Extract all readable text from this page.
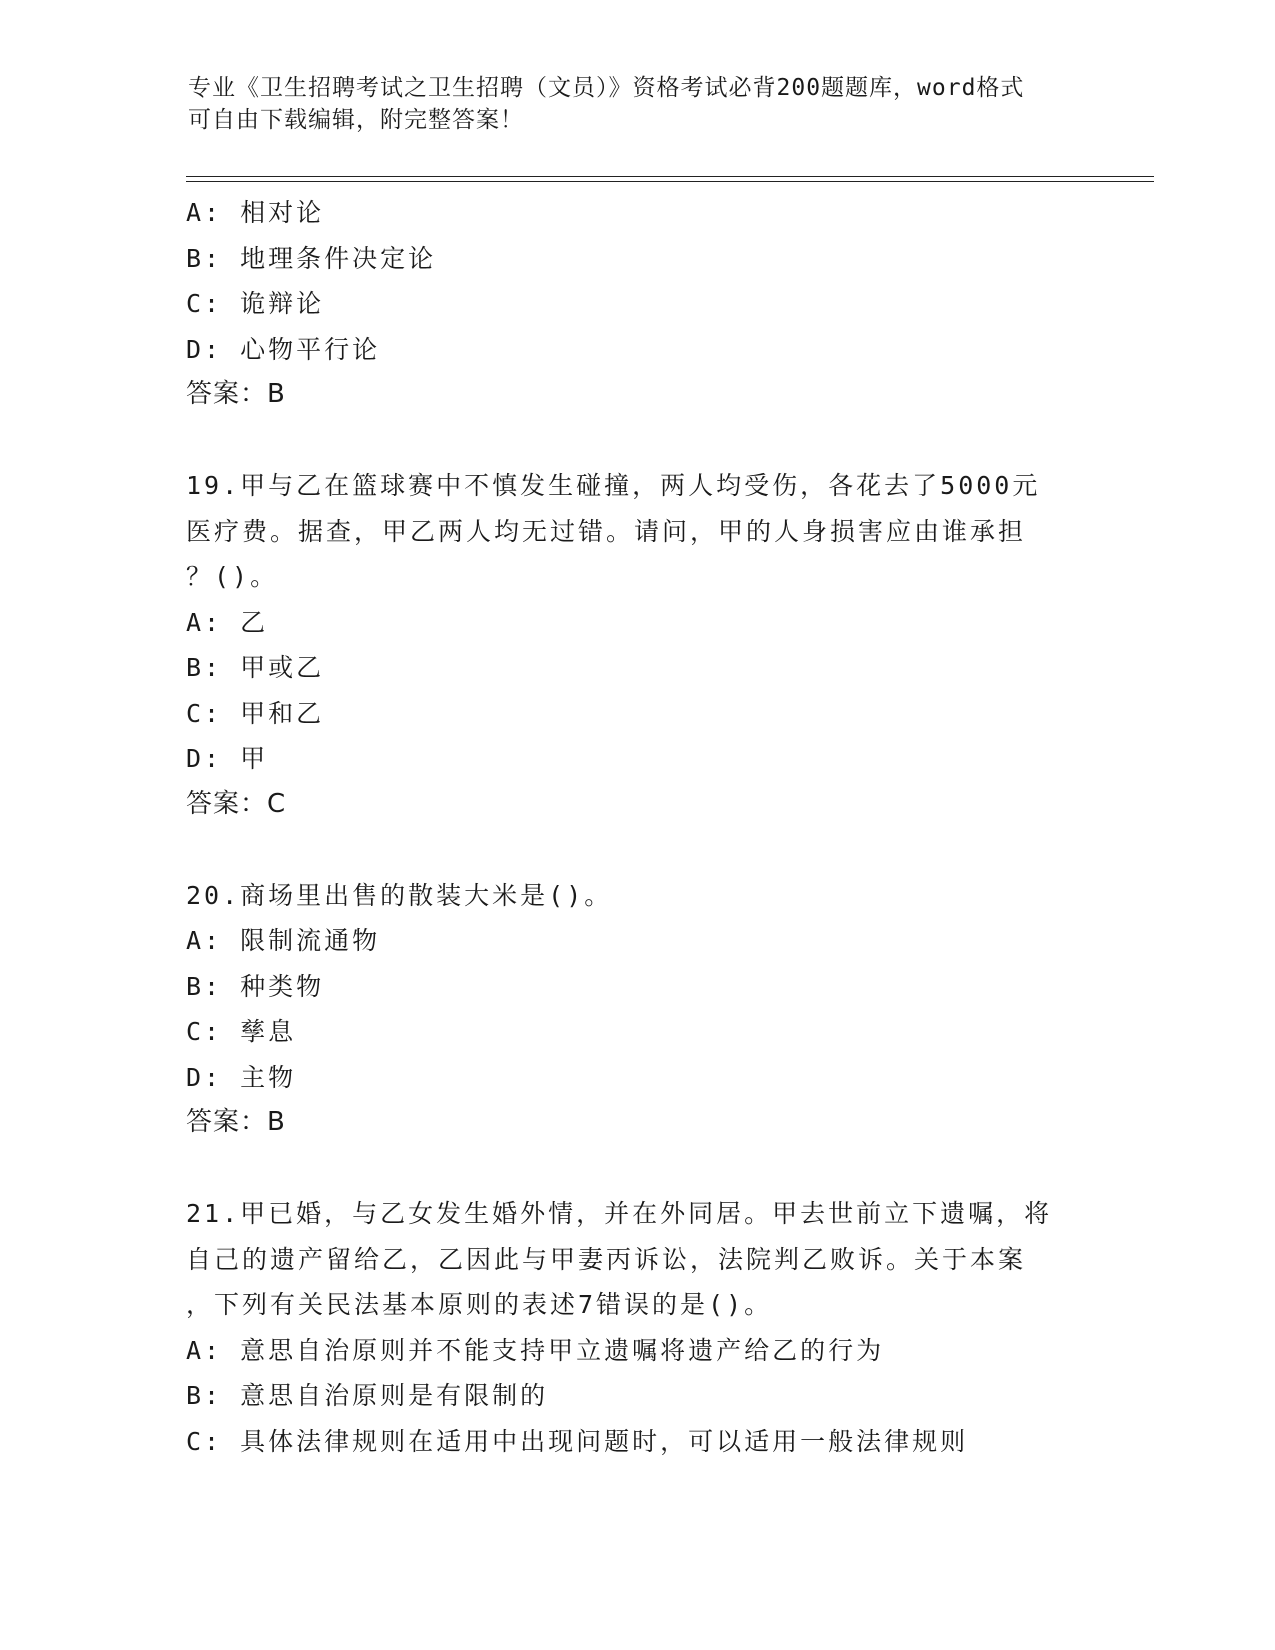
专业《卫生招聘考试之卫生招聘（文员）》资格考试必背200题题库，word格式
可自由下载编辑，附完整答案！
A: 相对论
B: 地理条件决定论
C: 诡辩论
D: 心物平行论
答案：B
19.甲与乙在篮球赛中不慎发生碰撞，两人均受伤，各花去了5000元
医疗费。据查，甲乙两人均无过错。请问，甲的人身损害应由谁承担
？()。
A: 乙
B: 甲或乙
C: 甲和乙
D: 甲
答案：C
20.商场里出售的散装大米是()。
A: 限制流通物
B: 种类物
C: 孳息
D: 主物
答案：B
21.甲已婚，与乙女发生婚外情，并在外同居。甲去世前立下遗嘱，将
自己的遗产留给乙，乙因此与甲妻丙诉讼，法院判乙败诉。关于本案
，下列有关民法基本原则的表述7错误的是()。
A: 意思自治原则并不能支持甲立遗嘱将遗产给乙的行为
B: 意思自治原则是有限制的
C: 具体法律规则在适用中出现问题时，可以适用一般法律规则
